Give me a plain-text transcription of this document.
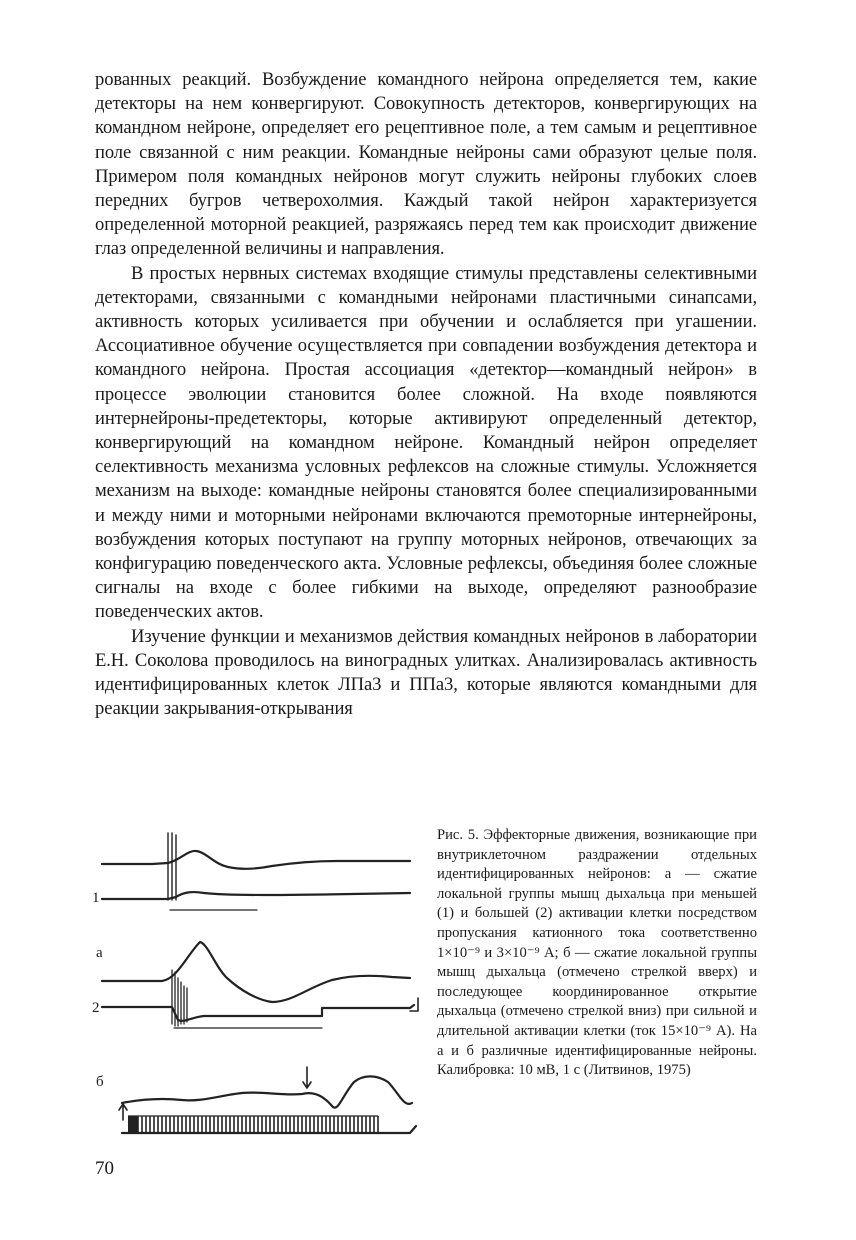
рованных реакций. Возбуждение командного нейрона определяется тем, какие детекторы на нем конвергируют. Совокупность детекторов, конвергирующих на командном нейроне, определяет его рецептивное поле, а тем самым и рецептивное поле связанной с ним реакции. Командные нейроны сами образуют целые поля. Примером поля командных нейронов могут служить нейроны глубоких слоев передних бугров четверохолмия. Каждый такой нейрон характеризуется определенной моторной реакцией, разряжаясь перед тем как происходит движение глаз определенной величины и направления.

В простых нервных системах входящие стимулы представлены селективными детекторами, связанными с командными нейронами пластичными синапсами, активность которых усиливается при обучении и ослабляется при угашении. Ассоциативное обучение осуществляется при совпадении возбуждения детектора и командного нейрона. Простая ассоциация «детектор—командный нейрон» в процессе эволюции становится более сложной. На входе появляются интернейроны-предетекторы, которые активируют определенный детектор, конвергирующий на командном нейроне. Командный нейрон определяет селективность механизма условных рефлексов на сложные стимулы. Усложняется механизм на выходе: командные нейроны становятся более специализированными и между ними и моторными нейронами включаются премоторные интернейроны, возбуждения которых поступают на группу моторных нейронов, отвечающих за конфигурацию поведенческого акта. Условные рефлексы, объединяя более сложные сигналы на входе с более гибкими на выходе, определяют разнообразие поведенческих актов.

Изучение функции и механизмов действия командных нейронов в лаборатории Е.Н. Соколова проводилось на виноградных улитках. Анализировалась активность идентифицированных клеток ЛПа3 и ППа3, которые являются командными для реакции закрывания-открывания

1
а
2
б

Рис. 5. Эффекторные движения, возникающие при внутриклеточном раздражении отдельных идентифицированных нейронов: а — сжатие локальной группы мышц дыхальца при меньшей (1) и большей (2) активации клетки посредством пропускания катионного тока соответственно 1×10⁻⁹ и 3×10⁻⁹ А; б — сжатие локальной группы мышц дыхальца (отмечено стрелкой вверх) и последующее координированное открытие дыхальца (отмечено стрелкой вниз) при сильной и длительной активации клетки (ток 15×10⁻⁹ А). На а и б различные идентифицированные нейроны. Калибровка: 10 мВ, 1 с (Литвинов, 1975)

70
